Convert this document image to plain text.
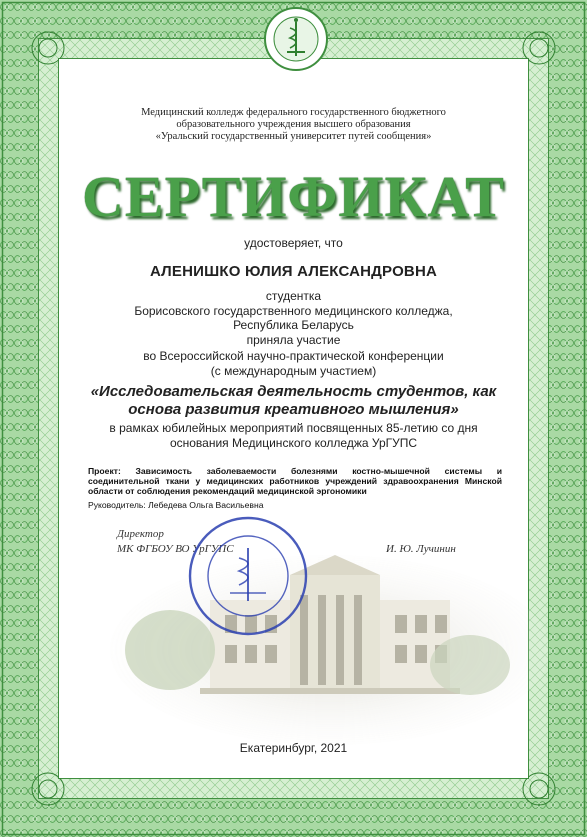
Медицинский колледж федерального государственного бюджетного
образовательного учреждения высшего образования
«Уральский государственный университет путей сообщения»
СЕРТИФИКАТ
удостоверяет, что
АЛЕНИШКО ЮЛИЯ АЛЕКСАНДРОВНА
студентка
Борисовского государственного медицинского колледжа,
Республика Беларусь
приняла участие
во Всероссийской научно-практической конференции
(с международным участием)
«Исследовательская деятельность студентов, как
основа развития креативного мышления»
в рамках юбилейных мероприятий посвященных 85-летию со дня
основания Медицинского колледжа УрГУПС
Проект: Зависимость заболеваемости болезнями костно-мышечной системы и соединительной ткани у медицинских работников учреждений здравоохранения Минской области от соблюдения рекомендаций медицинской эргономики
Руководитель: Лебедева Ольга Васильевна
Директор
МК ФГБОУ ВО УрГУПС	И. Ю. Лучинин
Екатеринбург, 2021
